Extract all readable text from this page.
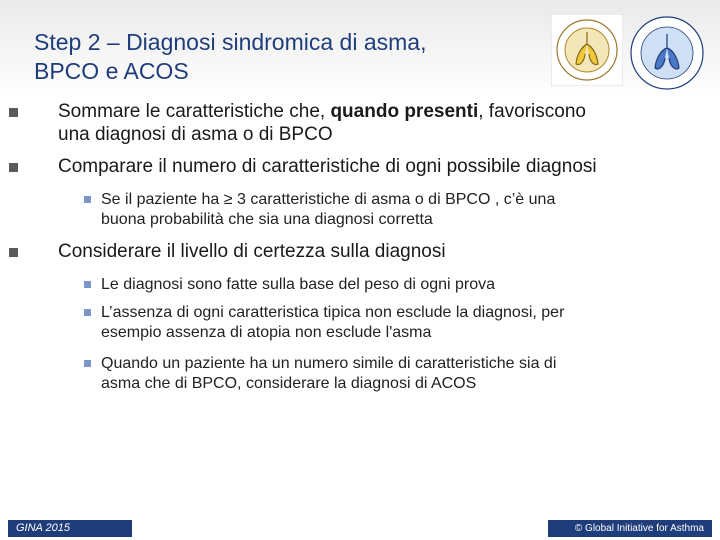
Step 2 – Diagnosi sindromica di asma,
BPCO e ACOS
Sommare le caratteristiche che, quando presenti, favoriscono
una diagnosi di asma o di BPCO
Comparare il numero di caratteristiche di ogni possibile diagnosi
Se il paziente ha ≥ 3 caratteristiche di asma o di BPCO , c’è una
buona probabilità che sia una diagnosi corretta
Considerare il livello di certezza sulla diagnosi
Le diagnosi sono fatte sulla base del peso di ogni prova
L’assenza di ogni caratteristica tipica non esclude la diagnosi, per
esempio assenza di atopia non esclude l'asma
Quando un paziente ha un numero simile di caratteristiche sia di
asma che di BPCO, considerare la diagnosi di ACOS
GINA 2015	© Global Initiative for Asthma
